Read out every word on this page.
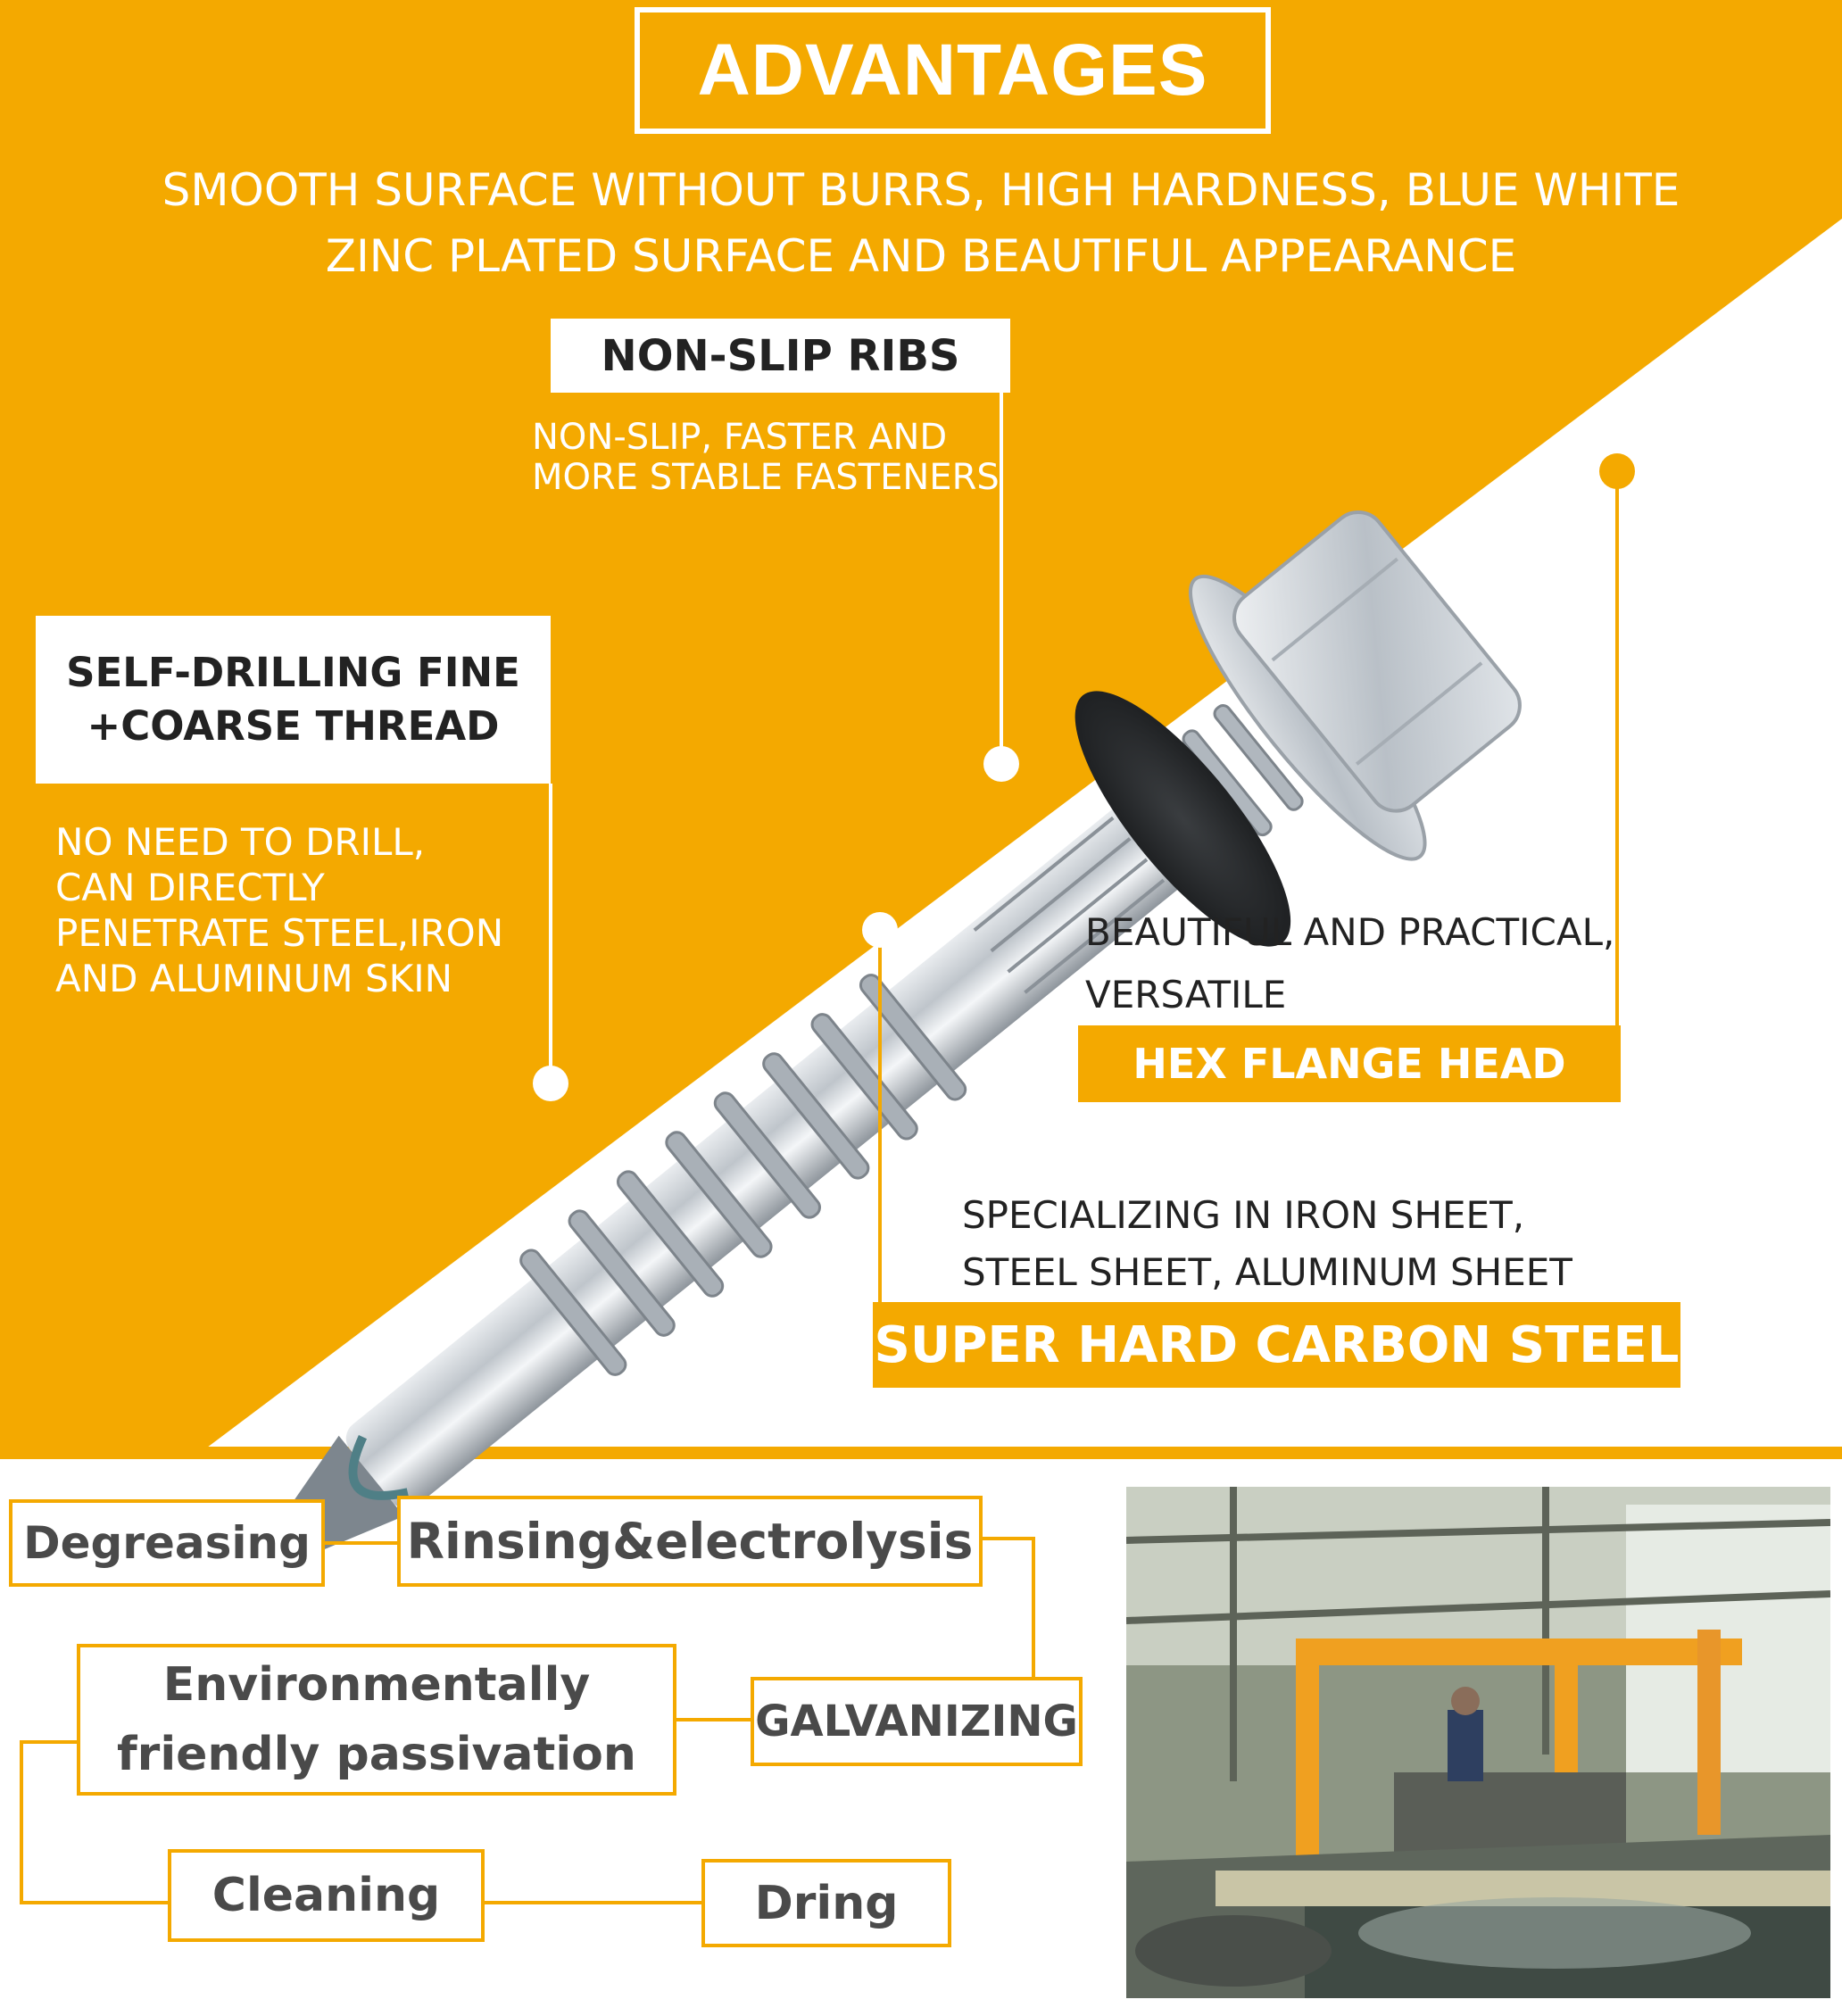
ADVANTAGES
SMOOTH SURFACE WITHOUT BURRS, HIGH HARDNESS, BLUE WHITE
ZINC PLATED SURFACE AND BEAUTIFUL APPEARANCE
NON-SLIP RIBS
NON-SLIP, FASTER AND
MORE STABLE FASTENERS
SELF-DRILLING FINE
+COARSE THREAD
NO NEED TO DRILL,
CAN DIRECTLY
PENETRATE STEEL,IRON
AND ALUMINUM SKIN
BEAUTIFUL AND PRACTICAL,
VERSATILE
HEX FLANGE HEAD
SPECIALIZING IN IRON SHEET,
STEEL SHEET, ALUMINUM SHEET
SUPER HARD CARBON STEEL
Degreasing Rinsing&electrolysis
GALVANIZING
Environmentally
friendly passivation
Cleaning	Dring
